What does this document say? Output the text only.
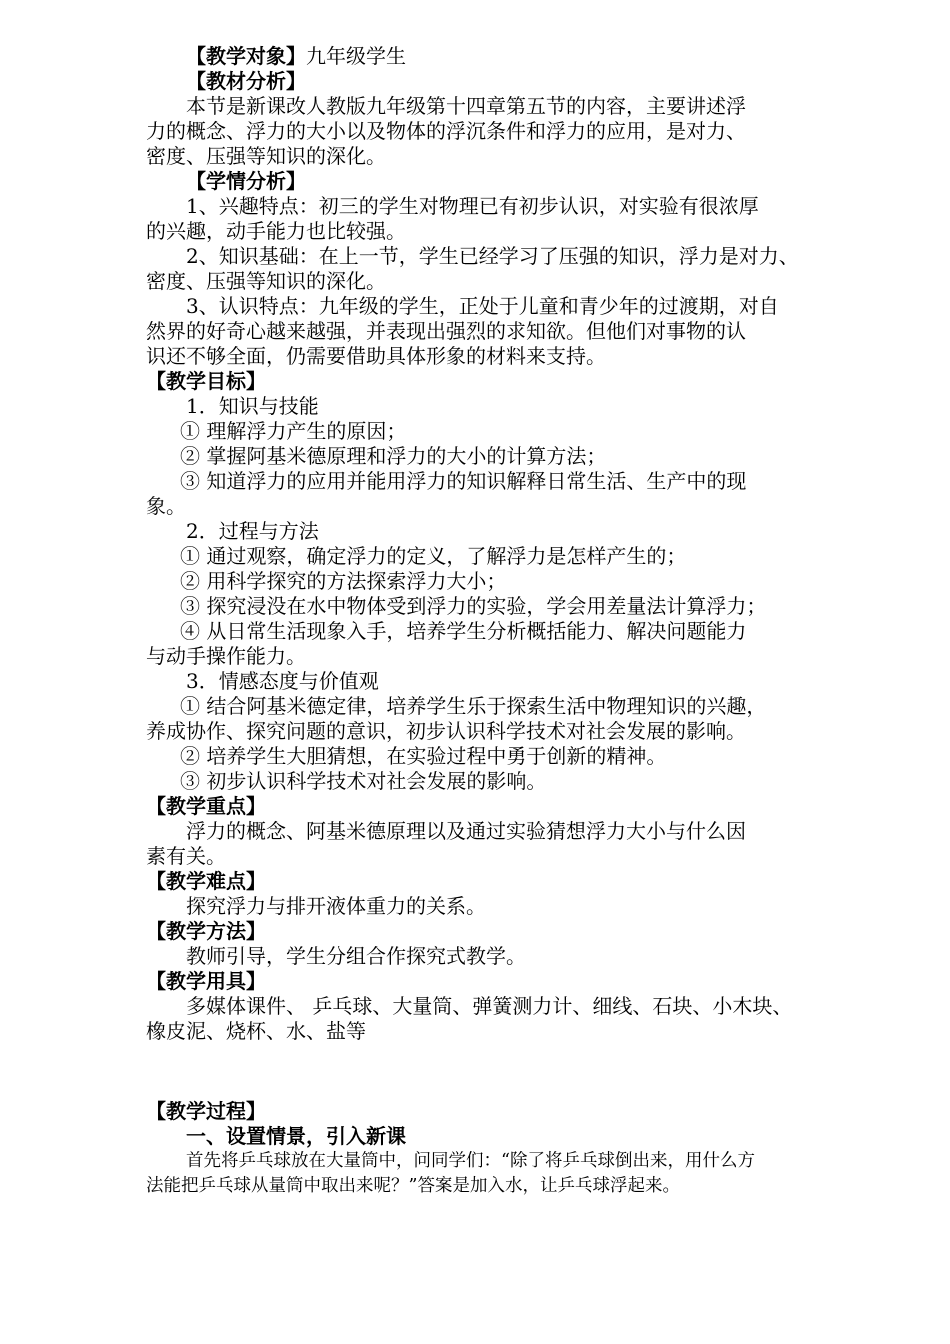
【教学对象】九年级学生
【教材分析】
本节是新课改人教版九年级第十四章第五节的内容，主要讲述浮
力的概念、浮力的大小以及物体的浮沉条件和浮力的应用，是对力、
密度、压强等知识的深化。
【学情分析】
1、兴趣特点：初三的学生对物理已有初步认识，对实验有很浓厚
的兴趣，动手能力也比较强。
2、知识基础：在上一节，学生已经学习了压强的知识，浮力是对力、
密度、压强等知识的深化。
3、认识特点：九年级的学生，正处于儿童和青少年的过渡期，对自
然界的好奇心越来越强，并表现出强烈的求知欲。但他们对事物的认
识还不够全面，仍需要借助具体形象的材料来支持。
【教学目标】
1．知识与技能
① 理解浮力产生的原因；
② 掌握阿基米德原理和浮力的大小的计算方法；
③ 知道浮力的应用并能用浮力的知识解释日常生活、生产中的现
象。
2．过程与方法
① 通过观察，确定浮力的定义，了解浮力是怎样产生的；
② 用科学探究的方法探索浮力大小；
③ 探究浸没在水中物体受到浮力的实验，学会用差量法计算浮力；
④ 从日常生活现象入手，培养学生分析概括能力、解决问题能力
与动手操作能力。
3．情感态度与价值观
① 结合阿基米德定律，培养学生乐于探索生活中物理知识的兴趣，
养成协作、探究问题的意识，初步认识科学技术对社会发展的影响。
② 培养学生大胆猜想，在实验过程中勇于创新的精神。
③ 初步认识科学技术对社会发展的影响。
【教学重点】
浮力的概念、阿基米德原理以及通过实验猜想浮力大小与什么因
素有关。
【教学难点】
探究浮力与排开液体重力的关系。
【教学方法】
教师引导，学生分组合作探究式教学。
【教学用具】
多媒体课件、 乒乓球、大量筒、弹簧测力计、细线、石块、小木块、
橡皮泥、烧杯、水、盐等
【教学过程】
一、设置情景，引入新课
首先将乒乓球放在大量筒中，问同学们：“除了将乒乓球倒出来，用什么方
法能把乒乓球从量筒中取出来呢？”答案是加入水，让乒乓球浮起来。
